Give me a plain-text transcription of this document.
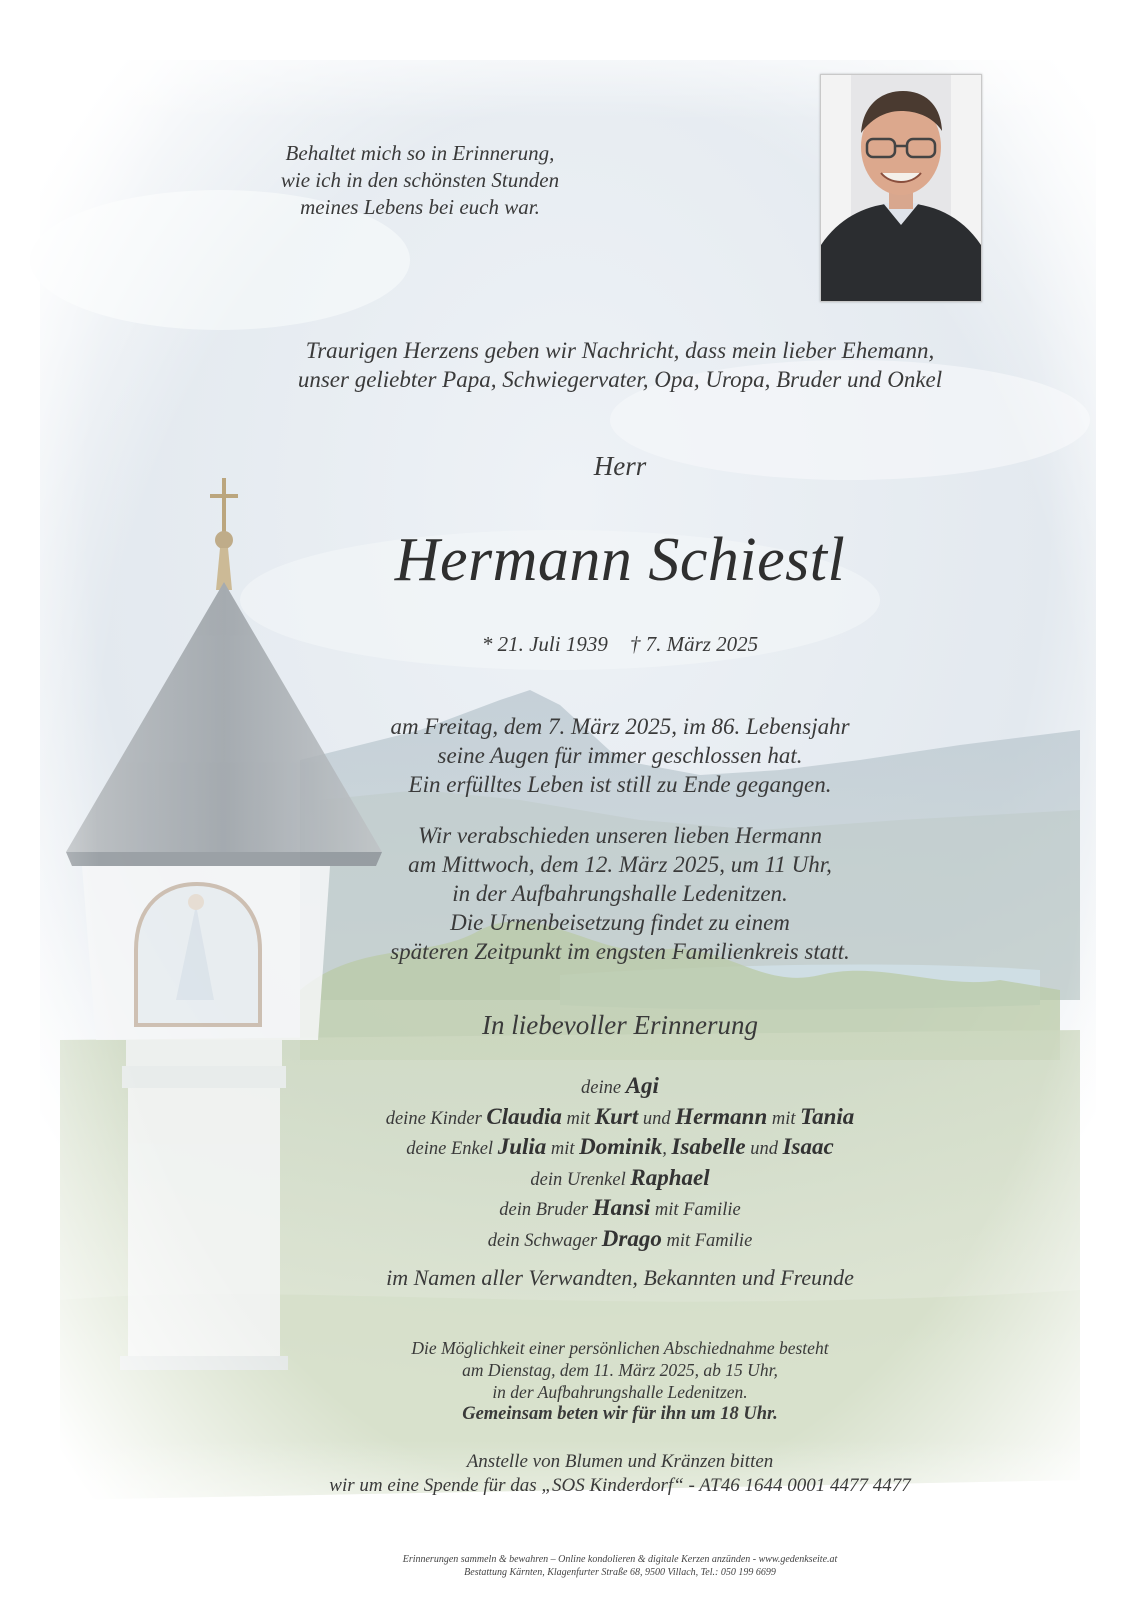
Behaltet mich so in Erinnerung,
wie ich in den schönsten Stunden
meines Lebens bei euch war.
Traurigen Herzens geben wir Nachricht, dass mein lieber Ehemann,
unser geliebter Papa, Schwiegervater, Opa, Uropa, Bruder und Onkel
Herr
Hermann Schiestl
* 21. Juli 1939 † 7. März 2025
am Freitag, dem 7. März 2025, im 86. Lebensjahr
seine Augen für immer geschlossen hat.
Ein erfülltes Leben ist still zu Ende gegangen.
Wir verabschieden unseren lieben Hermann
am Mittwoch, dem 12. März 2025, um 11 Uhr,
in der Aufbahrungshalle Ledenitzen.
Die Urnenbeisetzung findet zu einem
späteren Zeitpunkt im engsten Familienkreis statt.
In liebevoller Erinnerung
deine Agi
deine Kinder Claudia mit Kurt und Hermann mit Tania
deine Enkel Julia mit Dominik, Isabelle und Isaac
dein Urenkel Raphael
dein Bruder Hansi mit Familie
dein Schwager Drago mit Familie
im Namen aller Verwandten, Bekannten und Freunde
Die Möglichkeit einer persönlichen Abschiednahme besteht
am Dienstag, dem 11. März 2025, ab 15 Uhr,
in der Aufbahrungshalle Ledenitzen.
Gemeinsam beten wir für ihn um 18 Uhr.
Anstelle von Blumen und Kränzen bitten
wir um eine Spende für das „SOS Kinderdorf“ - AT46 1644 0001 4477 4477
Erinnerungen sammeln & bewahren – Online kondolieren & digitale Kerzen anzünden - www.gedenkseite.at
Bestattung Kärnten, Klagenfurter Straße 68, 9500 Villach, Tel.: 050 199 6699
